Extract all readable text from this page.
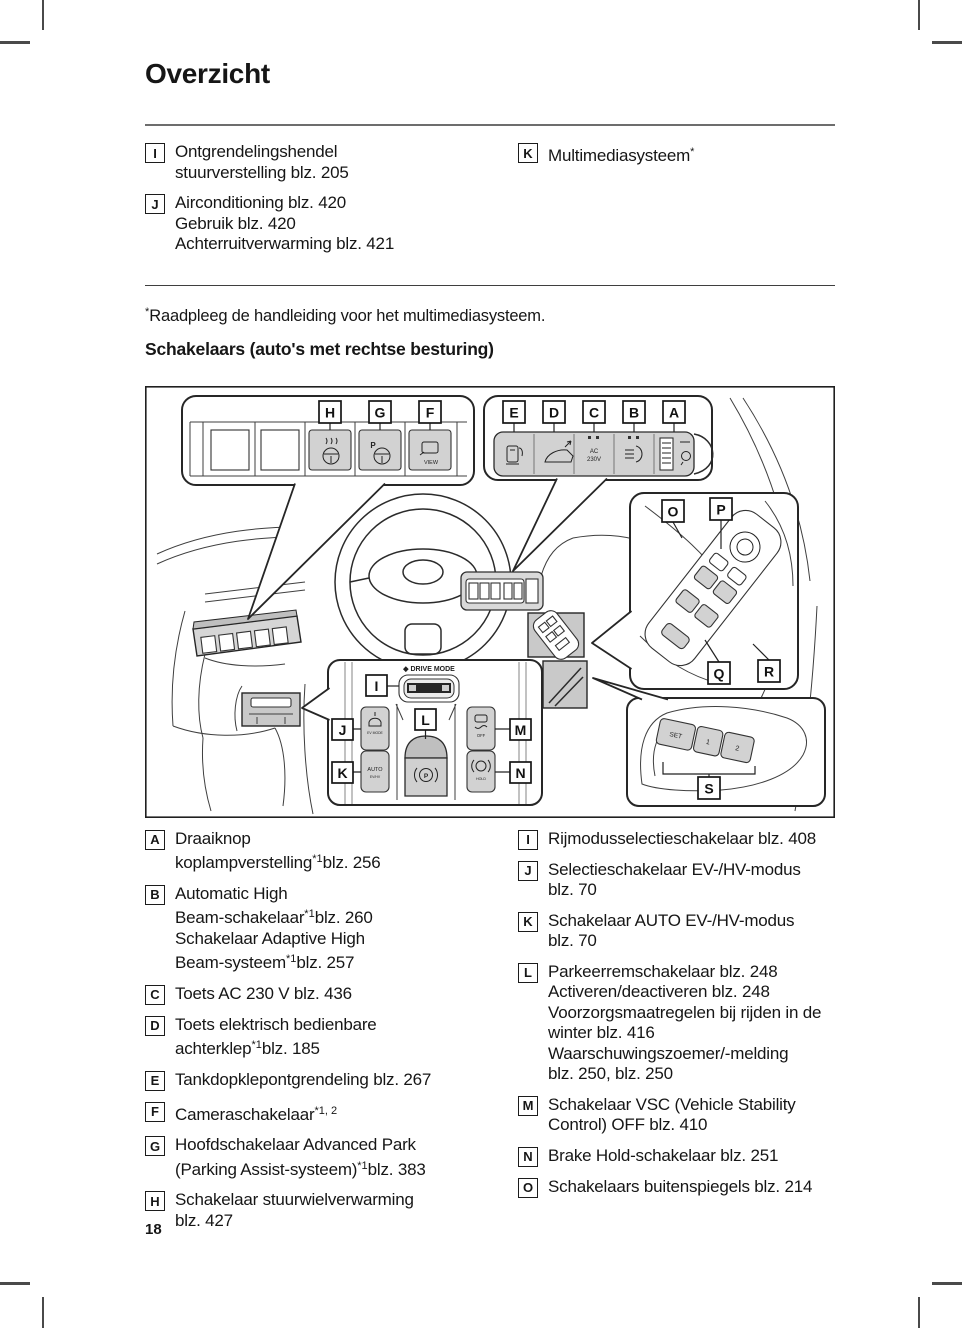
Overzicht
I	Ontgrendelingshendel
stuurverstelling blz. 205
J Airconditioning blz. 420
Gebruik blz. 420
Achterruitverwarming blz. 421
K Multimediasysteem*
*Raadpleeg de handleiding voor het multimediasysteem.
Schakelaars (auto's met rechtse besturing)
P
VIEW
H	G	F
AC
230V
E D C B A
O	P
Q	R
◆ DRIVE MODE
I
EV MODE
AUTO
EV/HV
OFF
HOLD
P
L
J
K
M
N
SET
1
2
S
A Draaiknop
koplampverstelling$^{*1}$blz. 256
B Automatic High
Beam-schakelaar$^{*1}$blz. 260
Schakelaar Adaptive High
Beam-systeem$^{*1}$blz. 257
C Toets AC 230 V blz. 436
D Toets elektrisch bedienbare
achterklep$^{*1}$blz. 185
E Tankdopklepontgrendeling blz. 267
F Cameraschakelaar$^{*1, 2}$
G Hoofdschakelaar Advanced Park
(Parking Assist-systeem)$^{*1}$blz. 383
H Schakelaar stuurwielverwarming
blz. 427
I	Rijmodusselectieschakelaar blz. 408
J Selectieschakelaar EV-/HV-modus
blz. 70
K Schakelaar AUTO EV-/HV-modus
blz. 70
L Parkeerremschakelaar blz. 248
Activeren/deactiveren blz. 248
Voorzorgsmaatregelen bij rijden in de
winter blz. 416
Waarschuwingszoemer/-melding
blz. 250, blz. 250
M Schakelaar VSC (Vehicle Stability
Control) OFF blz. 410
N Brake Hold-schakelaar blz. 251
O Schakelaars buitenspiegels blz. 214
18
